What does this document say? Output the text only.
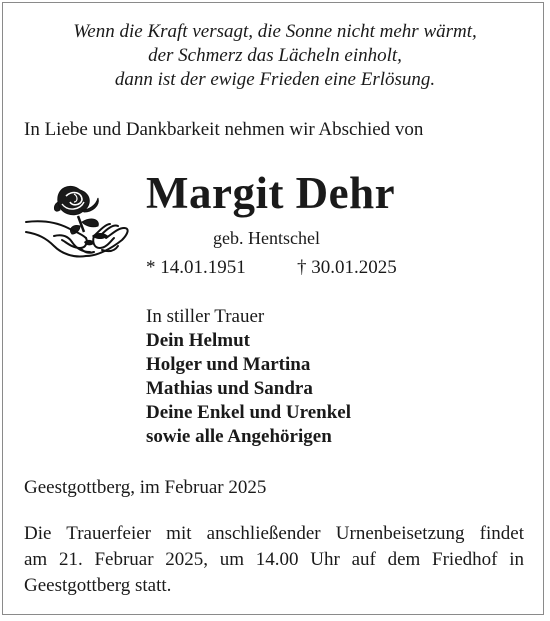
Wenn die Kraft versagt, die Sonne nicht mehr wärmt,
der Schmerz das Lächeln einholt,
dann ist der ewige Frieden eine Erlösung.
In Liebe und Dankbarkeit nehmen wir Abschied von
Margit Dehr
geb. Hentschel
* 14.01.1951	† 30.01.2025
In stiller Trauer
Dein Helmut
Holger und Martina
Mathias und Sandra
Deine Enkel und Urenkel
sowie alle Angehörigen
Geestgottberg, im Februar 2025
Die Trauerfeier mit anschließender Urnenbeisetzung findet
am 21. Februar 2025, um 14.00 Uhr auf dem Friedhof in
Geestgottberg statt.
